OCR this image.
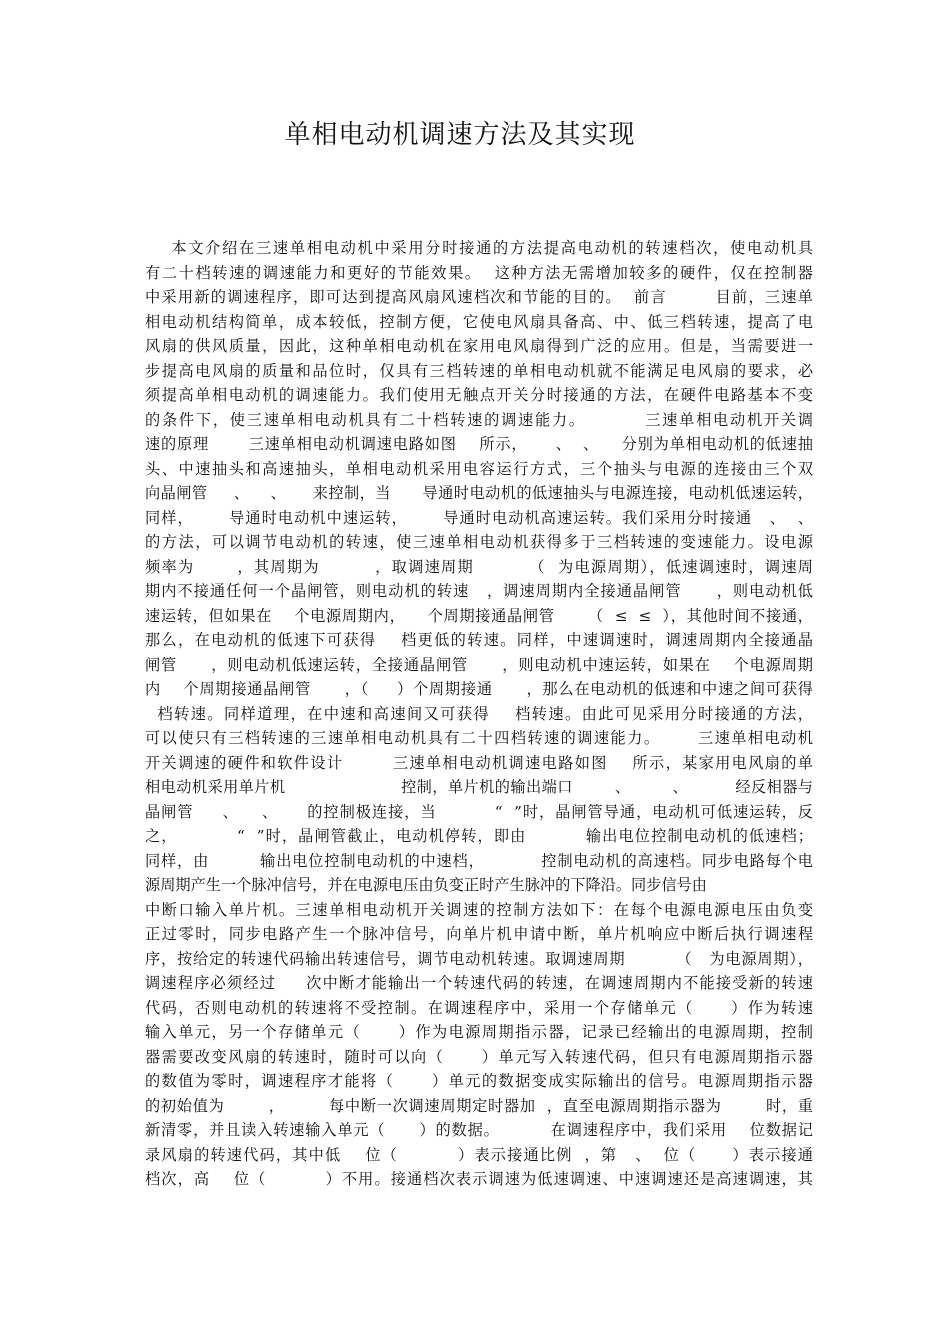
单相电动机调速方法及其实现
本文介绍在三速单相电动机中采用分时接通的方法提高电动机的转速档次，使电动机具
有二十档转速的调速能力和更好的节能效果。  这种方法无需增加较多的硬件，仅在控制器
中采用新的调速程序，即可达到提高风扇风速档次和节能的目的。  前言        目前，三速单
相电动机结构简单，成本较低，控制方便，它使电风扇具备高、中、低三档转速，提高了电
风扇的供风质量，因此，这种单相电动机在家用电风扇得到广泛的应用。但是，当需要进一
步提高电风扇的质量和品位时，仅具有三档转速的单相电动机就不能满足电风扇的要求，必
须提高单相电动机的调速能力。我们使用无触点开关分时接通的方法，在硬件电路基本不变
的条件下，使三速单相电动机具有二十档转速的调速能力。         三速单相电动机开关调
速的原理       三速单相电动机调速电路如图    所示，     、  、    分别为单相电动机的低速抽
头、中速抽头和高速抽头，单相电动机采用电容运行方式，三个抽头与电源的连接由三个双
向晶闸管     、    、     来控制，当      导通时电动机的低速抽头与电源连接，电动机低速运转，
同样，      导通时电动机中速运转，      导通时电动机高速运转。我们采用分时接通   、  、
的方法，可以调节电动机的转速，使三速单相电动机获得多于三档转速的变速能力。设电源
频率为       ，其周期为         ，取调速周期         （  为电源周期），低速调速时，调速周
期内不接通任何一个晶闸管，则电动机的转速   ，调速周期内全接通晶闸管      ，则电动机低
速运转，但如果在    个电源周期内，    个周期接通晶闸管      （  ≤  ≤  ），其他时间不接通，
那么，在电动机的低速下可获得    档更低的转速。同样，中速调速时，调速周期内全接通晶
闸管      ，则电动机低速运转，全接通晶闸管      ，则电动机中速运转，如果在    个电源周期
内    个周期接通晶闸管      ，（     ）个周期接通      ，那么在电动机的低速和中速之间可获得
档转速。同样道理，在中速和高速间又可获得    档转速。由此可见采用分时接通的方法，
可以使只有三档转速的三速单相电动机具有二十四档转速的调速能力。      三速单相电动机
开关调速的硬件和软件设计        三速单相电动机调速电路如图    所示，某家用电风扇的单
相电动机采用单片机                      控制，单片机的输出端口        、        、         经反相器与
晶闸管     、    、     的控制极连接，当          “  ”时，晶闸管导通，电动机可低速运转，反
之，          “  ”时，晶闸管截止，电动机停转，即由          输出电位控制电动机的低速档；
同样，由         输出电位控制电动机的中速档，          控制电动机的高速档。同步电路每个电
源周期产生一个脉冲信号，并在电源电压由负变正时产生脉冲的下降沿。同步信号由
中断口输入单片机。三速单相电动机开关调速的控制方法如下：在每个电源电源电压由负变
正过零时，同步电路产生一个脉冲信号，向单片机申请中断，单片机响应中断后执行调速程
序，按给定的转速代码输出转速信号，调节电动机转速。取调速周期         （   为电源周期），
调速程序必须经过     次中断才能输出一个转速代码的转速，在调速周期内不能接受新的转速
代码，否则电动机的转速将不受控制。在调速程序中，采用一个存储单元（      ）作为转速
输入单元，另一个存储单元（      ）作为电源周期指示器，记录已经输出的电源周期，控制
器需要改变风扇的转速时，随时可以向（      ）单元写入转速代码，但只有电源周期指示器
的数值为零时，调速程序才能将（      ）单元的数据变成实际输出的信号。电源周期指示器
的初始值为        ，        每中断一次调速周期定时器加  ，直至电源周期指示器为        时，重
新清零，并且读入转速输入单元（      ）的数据。         在调速程序中，我们采用    位数据记
录风扇的转速代码，其中低    位（          ）表示接通比例  ，第   、  位（      ）表示接通
档次，高    位（          ）不用。接通档次表示调速为低速调速、中速调速还是高速调速，其
